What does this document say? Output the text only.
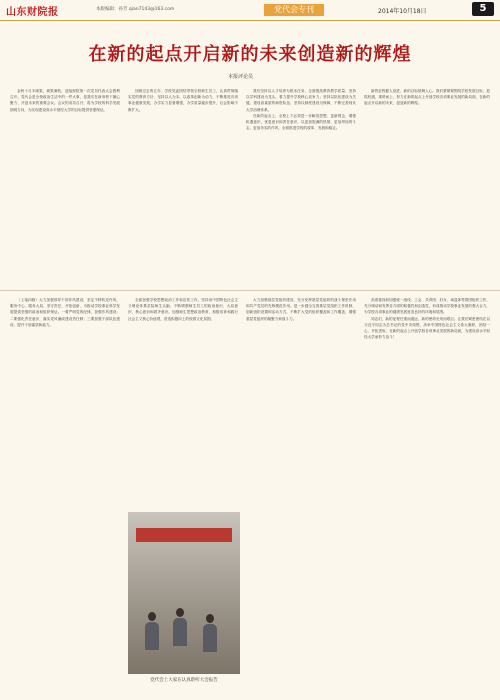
山东财院报	本版编辑：孙芳 qian7143@163.com	党代会专刊	2014年10月18日	5
在新的起点开启新的未来创造新的辉煌
本报评论员

金秋十月丰硕果，硕果满枝，迎接财院第一次党员代表大会胜利召开。党代会是全校政治生活中的一件大事，是我们在新形势下凝心聚力、开创未来的重要会议。会议的成功召开，将为学校的科学发展指明方向，为实现建设高水平财经大学的目标提供坚强保证。

回顾过去的五年，学校党委团结带领全校师生员工，认真贯彻落实党的教育方针，坚持以人为本，以改革创新为动力，不断推进各项事业健康发展，办学实力显著增强，办学质量稳步提升，社会影响不断扩大。

我们坚持以人才培养为根本任务，全面提高教育教学质量；坚持以学科建设为龙头，着力提升学校核心竞争力；坚持以队伍建设为关键，建设高素质的师资队伍；坚持以制度建设为保障，不断完善现代大学治理体系。

在新的起点上，全校上下必须进一步解放思想、更新观念，增强机遇意识、忧患意识和责任意识，以更加饱满的热情、更加昂扬的斗志、更加务实的作风，全面推进学校的改革、发展和稳定。

新的征程催人奋进，新的目标鼓舞人心。我们要紧紧围绕学校发展目标，抢抓机遇，乘势而上，努力在新的起点上开创学校各项事业发展的新局面，在新的起点开启新的未来，创造新的辉煌。

（上接四版）大力加强领导干部作风建设，坚定不移转变作风，服务中心，服务大局，坚守责任，开拓创新，为推动学校事业科学发展提供坚强的政治和组织保证。一要严明党的纪律，加强作风建设；二要强化责任意识，落实党风廉政建设责任制；三要加强干部队伍建设，提升干部素质和能力。

全面加强学校思想政治工作和宣传工作。坚持用中国特色社会主义理论体系武装师生头脑，不断增强师生员工的政治意识、大局意识、核心意识和看齐意识。加强师生思想政治教育，积极培育和践行社会主义核心价值观，营造积极向上的校园文化氛围。

大力加强基层党组织建设，充分发挥基层党组织的战斗堡垒作用和共产党员的先锋模范作用。进一步健全完善基层党组织工作机制，创新组织设置和活动方式，不断扩大党的组织覆盖和工作覆盖，增强基层党组织的凝聚力和战斗力。

高度重视和加强统一战线、工会、共青团、妇女、离退休等群团组织工作，充分调动和发挥各方面的积极性和创造性，形成推动学校事业发展的强大合力，为学校各项事业的健康发展营造良好的环境和氛围。

同志们，新的征程任重而道远，新的使命光荣而艰巨。让我们紧密团结在以习近平同志为总书记的党中央周围，高举中国特色社会主义伟大旗帜，团结一心，开拓进取，在新的起点上开创学校各项事业发展的新局面，为建设高水平财经大学而努力奋斗！

党代会上大家在认真聆听大会报告
